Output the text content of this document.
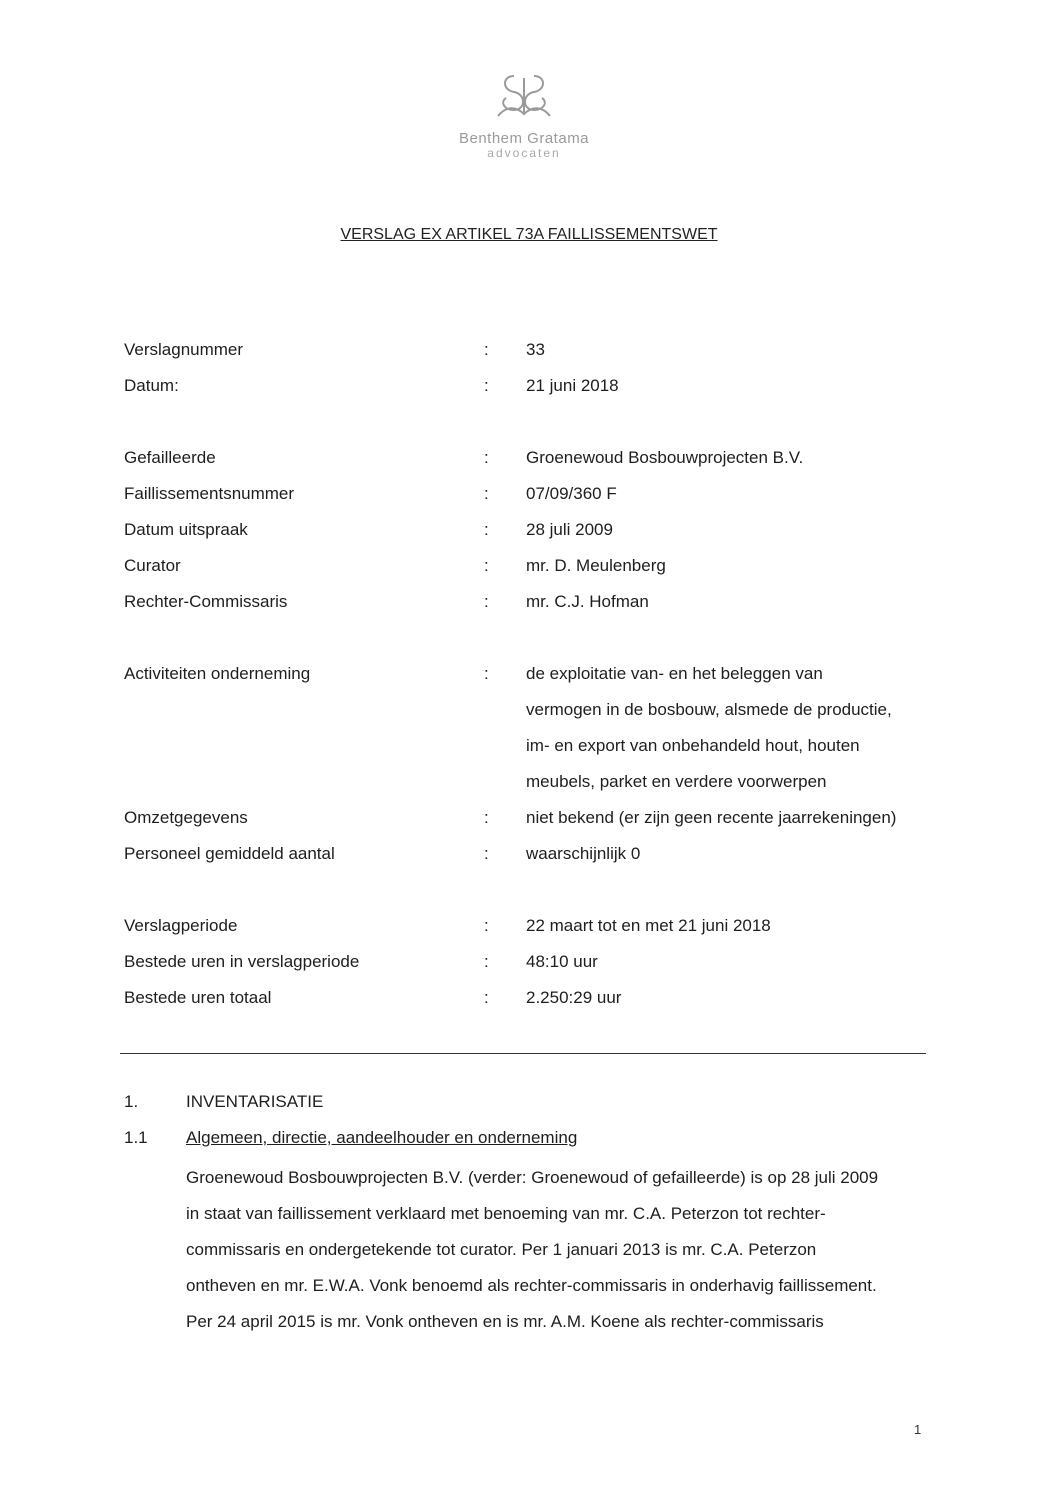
Benthem Gratama
advocaten
VERSLAG EX ARTIKEL 73A FAILLISSEMENTSWET
Verslagnummer	:	33
Datum:	:	21 juni 2018
Gefailleerde	:	Groenewoud Bosbouwprojecten B.V.
Faillissementsnummer	:	07/09/360 F
Datum uitspraak	:	28 juli 2009
Curator	:	mr. D. Meulenberg
Rechter-Commissaris	:	mr. C.J. Hofman
Activiteiten onderneming	:	de exploitatie van- en het beleggen van
vermogen in de bosbouw, alsmede de productie,
im- en export van onbehandeld hout, houten
meubels, parket en verdere voorwerpen
Omzetgegevens	:	niet bekend (er zijn geen recente jaarrekeningen)
Personeel gemiddeld aantal	:	waarschijnlijk 0
Verslagperiode	:	22 maart tot en met 21 juni 2018
Bestede uren in verslagperiode	:	48:10 uur
Bestede uren totaal	:	2.250:29 uur
1.	INVENTARISATIE
1.1	Algemeen, directie, aandeelhouder en onderneming

Groenewoud Bosbouwprojecten B.V. (verder: Groenewoud of gefailleerde) is op 28 juli 2009

in staat van faillissement verklaard met benoeming van mr. C.A. Peterzon tot rechter-

commissaris en ondergetekende tot curator. Per 1 januari 2013 is mr. C.A. Peterzon

ontheven en mr. E.W.A. Vonk benoemd als rechter-commissaris in onderhavig faillissement.

Per 24 april 2015 is mr. Vonk ontheven en is mr. A.M. Koene als rechter-commissaris

1
